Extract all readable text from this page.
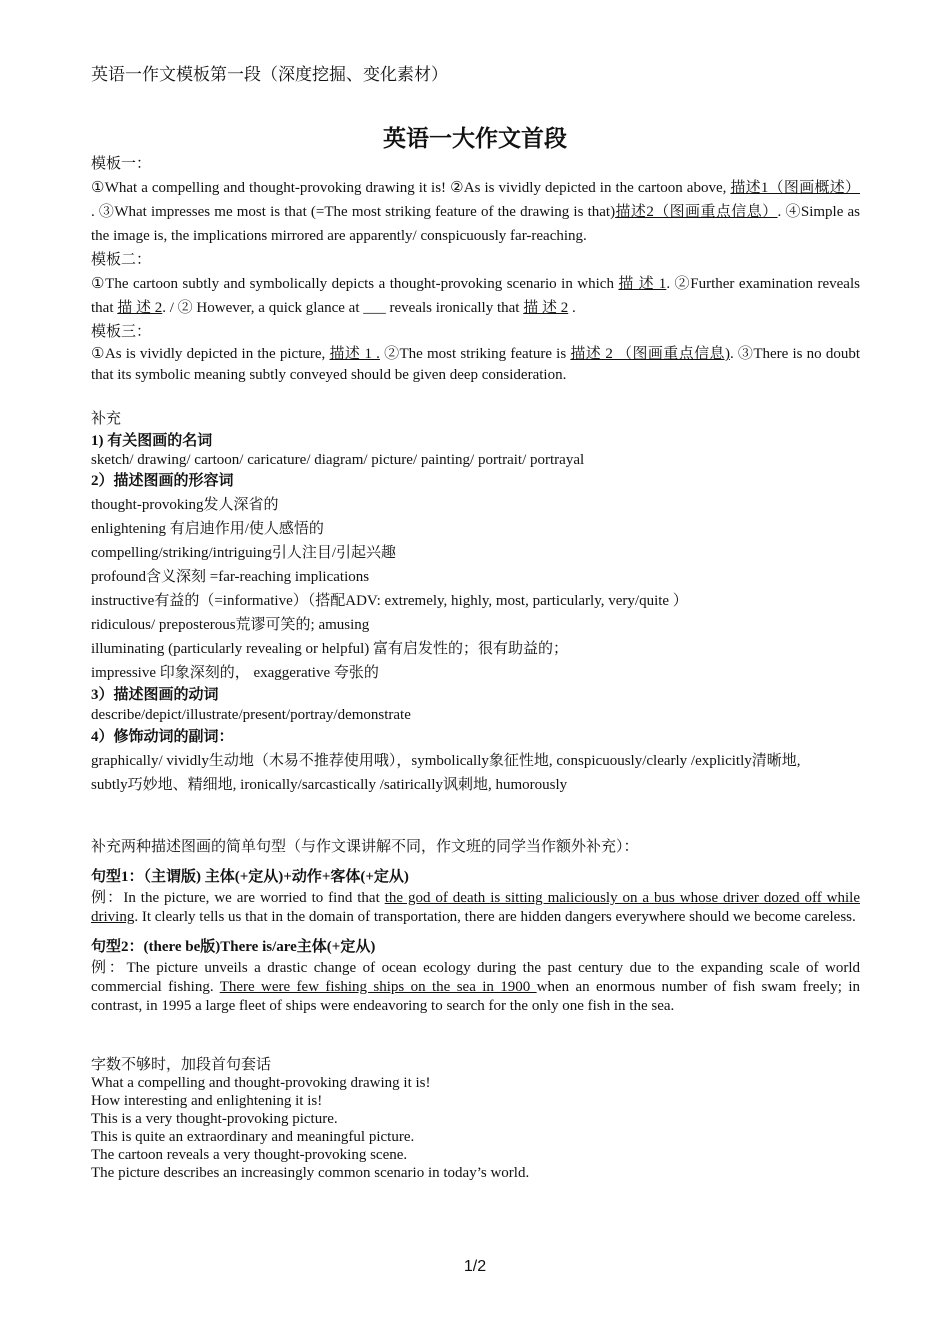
英语一作文模板第一段（深度挖掘、变化素材）
英语一大作文首段

模板一：

①What a compelling and thought-provoking drawing it is! ②As is vividly depicted in the cartoon above, 描述1（图画概述） . ③What impresses me most is that (=The most striking feature of the drawing is that)描述2（图画重点信息）. ④Simple as the image is, the implications mirrored are apparently/ conspicuously far-reaching.

模板二：

①The cartoon subtly and symbolically depicts a thought-provoking scenario in which 描 述 1. ②Further examination reveals that 描 述 2. / ② However, a quick glance at ___ reveals ironically that 描 述 2 .

模板三：

①As is vividly depicted in the picture, 描述 1 . ②The most striking feature is 描述 2 （图画重点信息). ③There is no doubt that its symbolic meaning subtly conveyed should be given deep consideration.

补充

1) 有关图画的名词

sketch/ drawing/ cartoon/ caricature/ diagram/ picture/ painting/ portrait/ portrayal

2）描述图画的形容词

thought-provoking发人深省的

enlightening 有启迪作用/使人感悟的

compelling/striking/intriguing引人注目/引起兴趣

profound含义深刻 =far-reaching implications

instructive有益的（=informative）（搭配ADV: extremely, highly, most, particularly, very/quite ）

ridiculous/ preposterous荒谬可笑的; amusing

illuminating (particularly revealing or helpful) 富有启发性的；很有助益的；

impressive 印象深刻的， exaggerative 夸张的

3）描述图画的动词

describe/depict/illustrate/present/portray/demonstrate

4）修饰动词的副词：

graphically/ vividly生动地（木易不推荐使用哦），symbolically象征性地, conspicuously/clearly /explicitly清晰地,

subtly巧妙地、精细地, ironically/sarcastically /satirically讽刺地, humorously

补充两种描述图画的简单句型（与作文课讲解不同，作文班的同学当作额外补充）：

句型1：（主谓版) 主体(+定从)+动作+客体(+定从)

例：In the picture, we are worried to find that the god of death is sitting maliciously on a bus whose driver dozed off while driving. It clearly tells us that in the domain of transportation, there are hidden dangers everywhere should we become careless.

句型2：(there be版)There is/are主体(+定从)

例：The picture unveils a drastic change of ocean ecology during the past century due to the expanding scale of world commercial fishing. There were few fishing ships on the sea in 1900 when an enormous number of fish swam freely; in contrast, in 1995 a large fleet of ships were endeavoring to search for the only one fish in the sea.

字数不够时，加段首句套话

What a compelling and thought-provoking drawing it is!

How interesting and enlightening it is!

This is a very thought-provoking picture.

This is quite an extraordinary and meaningful picture.

The cartoon reveals a very thought-provoking scene.

The picture describes an increasingly common scenario in today’s world.

1/2
